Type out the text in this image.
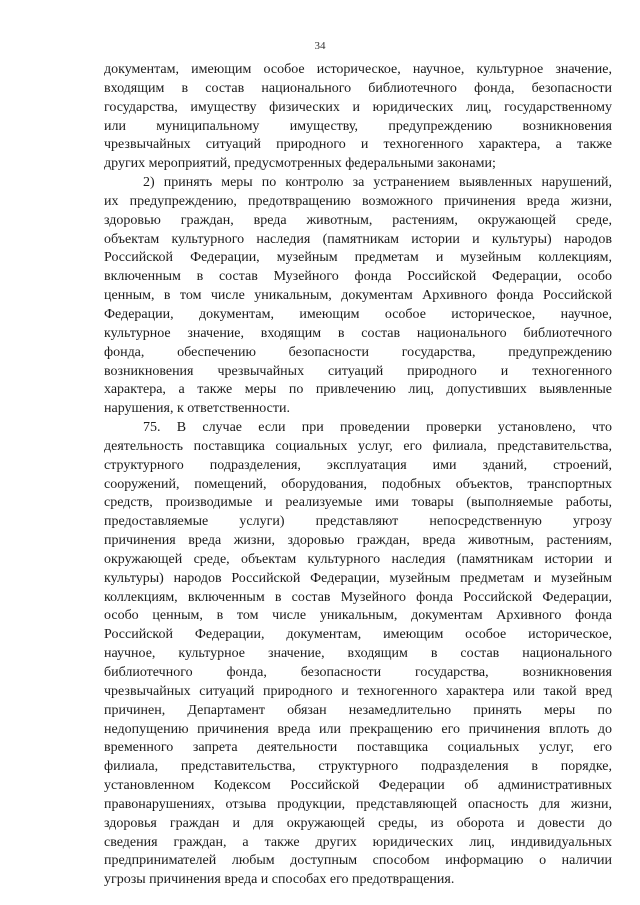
34
документам, имеющим особое историческое, научное, культурное значение,
входящим в состав национального библиотечного фонда, безопасности
государства, имуществу физических и юридических лиц, государственному
или муниципальному имуществу, предупреждению возникновения
чрезвычайных ситуаций природного и техногенного характера, а также
других мероприятий, предусмотренных федеральными законами;
2) принять меры по контролю за устранением выявленных нарушений,
их предупреждению, предотвращению возможного причинения вреда жизни,
здоровью граждан, вреда животным, растениям, окружающей среде,
объектам культурного наследия (памятникам истории и культуры) народов
Российской Федерации, музейным предметам и музейным коллекциям,
включенным в состав Музейного фонда Российской Федерации, особо
ценным, в том числе уникальным, документам Архивного фонда Российской
Федерации, документам, имеющим особое историческое, научное,
культурное значение, входящим в состав национального библиотечного
фонда, обеспечению безопасности государства, предупреждению
возникновения чрезвычайных ситуаций природного и техногенного
характера, а также меры по привлечению лиц, допустивших выявленные
нарушения, к ответственности.
75. В случае если при проведении проверки установлено, что
деятельность поставщика социальных услуг, его филиала, представительства,
структурного подразделения, эксплуатация ими зданий, строений,
сооружений, помещений, оборудования, подобных объектов, транспортных
средств, производимые и реализуемые ими товары (выполняемые работы,
предоставляемые услуги) представляют непосредственную угрозу
причинения вреда жизни, здоровью граждан, вреда животным, растениям,
окружающей среде, объектам культурного наследия (памятникам истории и
культуры) народов Российской Федерации, музейным предметам и музейным
коллекциям, включенным в состав Музейного фонда Российской Федерации,
особо ценным, в том числе уникальным, документам Архивного фонда
Российской Федерации, документам, имеющим особое историческое,
научное, культурное значение, входящим в состав национального
библиотечного фонда, безопасности государства, возникновения
чрезвычайных ситуаций природного и техногенного характера или такой вред
причинен, Департамент обязан незамедлительно принять меры по
недопущению причинения вреда или прекращению его причинения вплоть до
временного запрета деятельности поставщика социальных услуг, его
филиала, представительства, структурного подразделения в порядке,
установленном Кодексом Российской Федерации об административных
правонарушениях, отзыва продукции, представляющей опасность для жизни,
здоровья граждан и для окружающей среды, из оборота и довести до
сведения граждан, а также других юридических лиц, индивидуальных
предпринимателей любым доступным способом информацию о наличии
угрозы причинения вреда и способах его предотвращения.
